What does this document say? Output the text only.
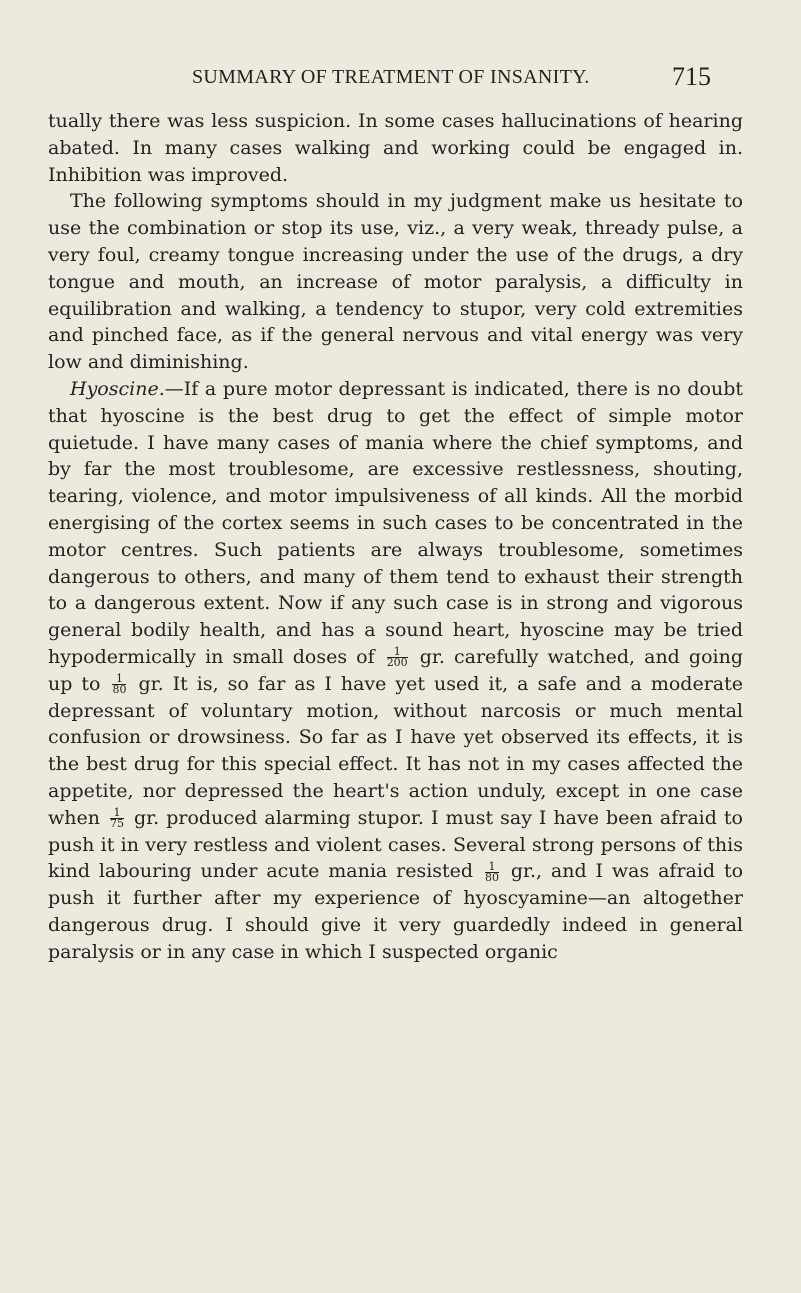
SUMMARY OF TREATMENT OF INSANITY.	715

tually there was less suspicion. In some cases hallucinations of hearing abated. In many cases walking and working could be engaged in. Inhibition was improved.

The following symptoms should in my judgment make us hesitate to use the combination or stop its use, viz., a very weak, thready pulse, a very foul, creamy tongue increasing under the use of the drugs, a dry tongue and mouth, an increase of motor paralysis, a difficulty in equilibration and walking, a tendency to stupor, very cold extremities and pinched face, as if the general nervous and vital energy was very low and diminishing.

Hyoscine.—If a pure motor depressant is indicated, there is no doubt that hyoscine is the best drug to get the effect of simple motor quietude. I have many cases of mania where the chief symptoms, and by far the most troublesome, are excessive restlessness, shouting, tearing, violence, and motor impulsiveness of all kinds. All the morbid energising of the cortex seems in such cases to be concentrated in the motor centres. Such patients are always troublesome, sometimes dangerous to others, and many of them tend to exhaust their strength to a dangerous extent. Now if any such case is in strong and vigorous general bodily health, and has a sound heart, hyoscine may be tried hypodermically in small doses of $\frac{1}{200}$ gr. carefully watched, and going up to $\frac{1}{80}$ gr. It is, so far as I have yet used it, a safe and a moderate depressant of voluntary motion, without narcosis or much mental confusion or drowsiness. So far as I have yet observed its effects, it is the best drug for this special effect. It has not in my cases affected the appetite, nor depressed the heart's action unduly, except in one case when $\frac{1}{75}$ gr. produced alarming stupor. I must say I have been afraid to push it in very restless and violent cases. Several strong persons of this kind labouring under acute mania resisted $\frac{1}{80}$ gr., and I was afraid to push it further after my experience of hyoscyamine—an altogether dangerous drug. I should give it very guardedly indeed in general paralysis or in any case in which I suspected organic
